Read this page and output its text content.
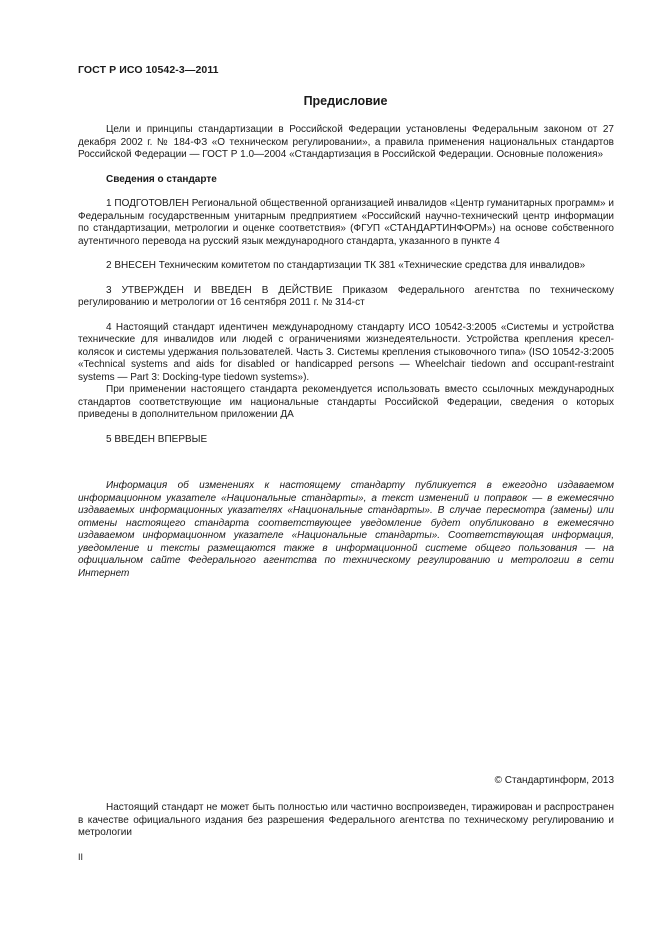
ГОСТ Р ИСО 10542-3—2011
Предисловие

Цели и принципы стандартизации в Российской Федерации установлены Федеральным законом от 27 декабря 2002 г. № 184-ФЗ «О техническом регулировании», а правила применения национальных стандартов Российской Федерации — ГОСТ Р 1.0—2004 «Стандартизация в Российской Федерации. Основные положения»

Сведения о стандарте

1 ПОДГОТОВЛЕН Региональной общественной организацией инвалидов «Центр гуманитарных программ» и Федеральным государственным унитарным предприятием «Российский научно-технический центр информации по стандартизации, метрологии и оценке соответствия» (ФГУП «СТАНДАРТИНФОРМ») на основе собственного аутентичного перевода на русский язык международного стандарта, указанного в пункте 4

2 ВНЕСЕН Техническим комитетом по стандартизации ТК 381 «Технические средства для инвалидов»

3 УТВЕРЖДЕН И ВВЕДЕН В ДЕЙСТВИЕ Приказом Федерального агентства по техническому регулированию и метрологии от 16 сентября 2011 г. № 314-ст

4 Настоящий стандарт идентичен международному стандарту ИСО 10542-3:2005 «Системы и устройства технические для инвалидов или людей с ограничениями жизнедеятельности. Устройства крепления кресел-колясок и системы удержания пользователей. Часть 3. Системы крепления стыковочного типа» (ISO 10542-3:2005 «Technical systems and aids for disabled or handicapped persons — Wheelchair tiedown and occupant-restraint systems — Part 3: Docking-type tiedown systems»).

При применении настоящего стандарта рекомендуется использовать вместо ссылочных международных стандартов соответствующие им национальные стандарты Российской Федерации, сведения о которых приведены в дополнительном приложении ДА

5 ВВЕДЕН ВПЕРВЫЕ

Информация об изменениях к настоящему стандарту публикуется в ежегодно издаваемом информационном указателе «Национальные стандарты», а текст изменений и поправок — в ежемесячно издаваемых информационных указателях «Национальные стандарты». В случае пересмотра (замены) или отмены настоящего стандарта соответствующее уведомление будет опубликовано в ежемесячно издаваемом информационном указателе «Национальные стандарты». Соответствующая информация, уведомление и тексты размещаются также в информационной системе общего пользования — на официальном сайте Федерального агентства по техническому регулированию и метрологии в сети Интернет

© Стандартинформ, 2013

Настоящий стандарт не может быть полностью или частично воспроизведен, тиражирован и распространен в качестве официального издания без разрешения Федерального агентства по техническому регулированию и метрологии

II
